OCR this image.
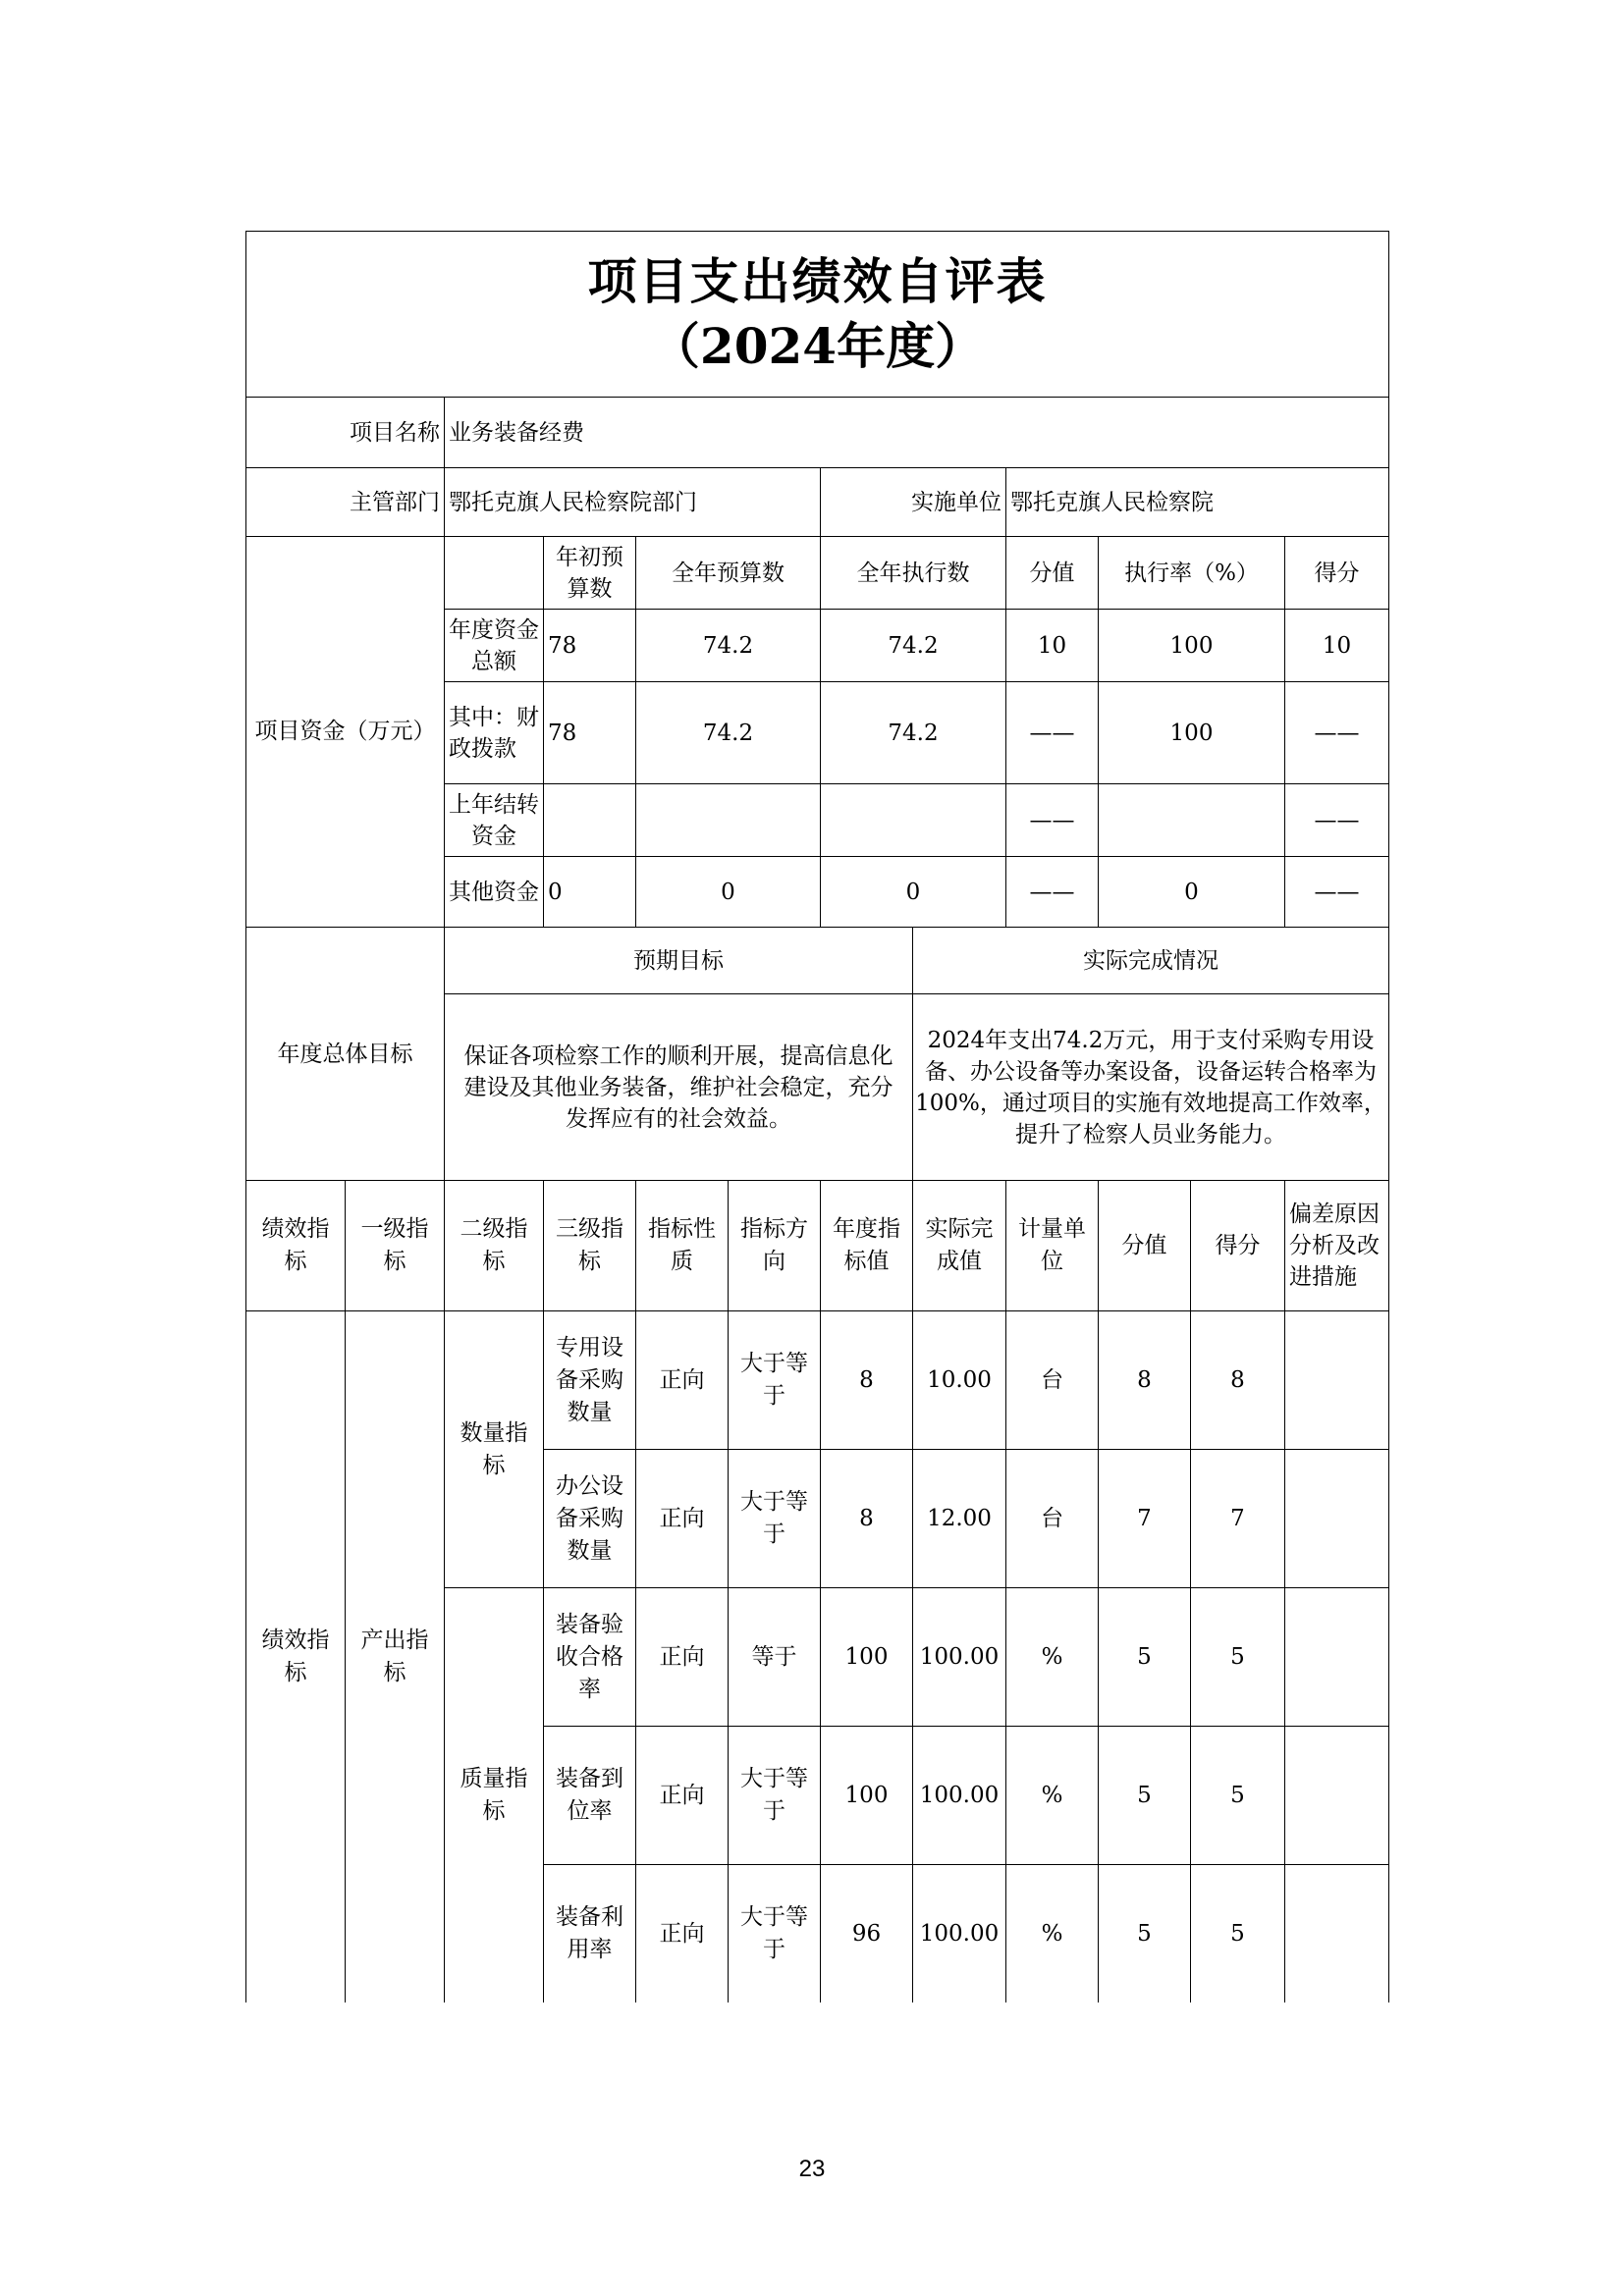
项目支出绩效自评表
（2024年度）											

项目名称		业务装备经费									
主管部门		鄂托克旗人民检察院部门				实施单位		鄂托克旗人民检察院			
项目资金（万元）			年初预算数	全年预算数		全年执行数		分值	执行率（%）		得分
		年度资金总额	78	74.2		74.2		10	100		10
		其中：财政拨款	78	74.2		74.2		——	100		——
		上年结转资金						——			——
		其他资金	0	0		0		——	0		——
年度总体目标		预期目标					实际完成情况				
		保证各项检察工作的顺利开展，提高信息化建设及其他业务装备，维护社会稳定，充分发挥应有的社会效益。					2024年支出74.2万元，用于支付采购专用设备、办公设备等办案设备，设备运转合格率为100%，通过项目的实施有效地提高工作效率，提升了检察人员业务能力。				
绩效指标	一级指标	二级指标	三级指标	指标性质	指标方向	年度指标值	实际完成值	计量单位	分值	得分	偏差原因分析及改进措施
绩效指标	产出指标	数量指标	专用设备采购数量	正向	大于等于	8	10.00	台	8	8	
			办公设备采购数量	正向	大于等于	8	12.00	台	7	7	
		质量指标	装备验收合格率	正向	等于	100	100.00	%	5	5	
			装备到位率	正向	大于等于	100	100.00	%	5	5	
			装备利用率	正向	大于等于	96	100.00	%	5	5	
23
